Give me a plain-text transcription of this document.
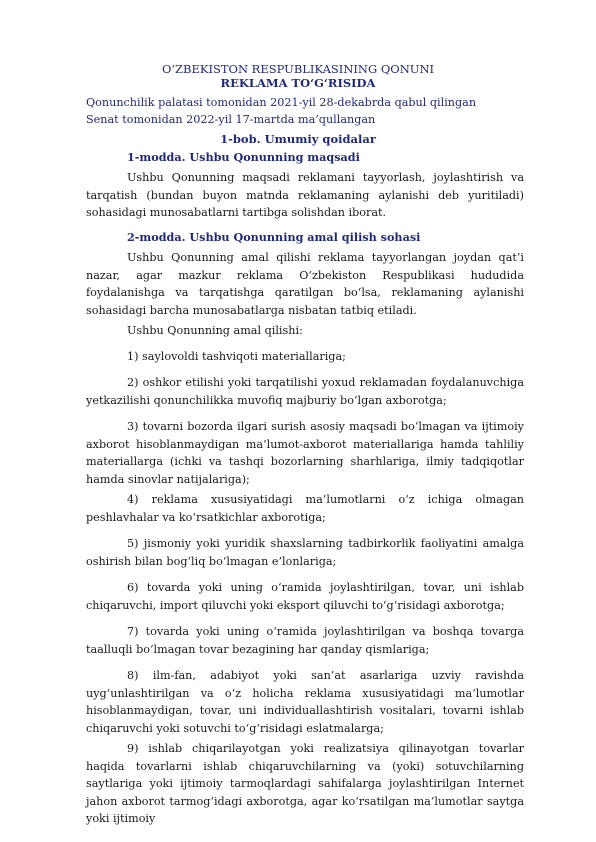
O‘ZBEKISTON RESPUBLIKASINING QONUNI
REKLAMA TO‘G‘RISIDA
Qonunchilik palatasi tomonidan 2021-yil 28-dekabrda qabul qilingan
Senat tomonidan 2022-yil 17-martda ma’qullangan
1-bob. Umumiy qoidalar
1-modda. Ushbu Qonunning maqsadi

Ushbu Qonunning maqsadi reklamani tayyorlash, joylashtirish va tarqatish (bundan buyon matnda reklamaning aylanishi deb yuritiladi) sohasidagi munosabatlarni tartibga solishdan iborat.

2-modda. Ushbu Qonunning amal qilish sohasi

Ushbu Qonunning amal qilishi reklama tayyorlangan joydan qat’i nazar, agar mazkur reklama O‘zbekiston Respublikasi hududida foydalanishga va tarqatishga qaratilgan bo‘lsa, reklamaning aylanishi sohasidagi barcha munosabatlarga nisbatan tatbiq etiladi.

Ushbu Qonunning amal qilishi:

1) saylovoldi tashviqoti materiallariga;

2) oshkor etilishi yoki tarqatilishi yoxud reklamadan foydalanuvchiga yetkazilishi qonunchilikka muvofiq majburiy bo‘lgan axborotga;

3) tovarni bozorda ilgari surish asosiy maqsadi bo‘lmagan va ijtimoiy axborot hisoblanmaydigan ma’lumot-axborot materiallariga hamda tahliliy materiallarga (ichki va tashqi bozorlarning sharhlariga, ilmiy tadqiqotlar hamda sinovlar natijalariga);

4) reklama xususiyatidagi ma’lumotlarni o‘z ichiga olmagan peshlavhalar va ko‘rsatkichlar axborotiga;

5) jismoniy yoki yuridik shaxslarning tadbirkorlik faoliyatini amalga oshirish bilan bog‘liq bo‘lmagan e’lonlariga;

6) tovarda yoki uning o‘ramida joylashtirilgan, tovar, uni ishlab chiqaruvchi, import qiluvchi yoki eksport qiluvchi to‘g‘risidagi axborotga;

7) tovarda yoki uning o‘ramida joylashtirilgan va boshqa tovarga taalluqli bo‘lmagan tovar bezagining har qanday qismlariga;

8) ilm-fan, adabiyot yoki san’at asarlariga uzviy ravishda uyg‘unlashtirilgan va o‘z holicha reklama xususiyatidagi ma’lumotlar hisoblanmaydigan, tovar, uni individuallashtirish vositalari, tovarni ishlab chiqaruvchi yoki sotuvchi to‘g‘risidagi eslatmalarga;

9) ishlab chiqarilayotgan yoki realizatsiya qilinayotgan tovarlar haqida tovarlarni ishlab chiqaruvchilarning va (yoki) sotuvchilarning saytlariga yoki ijtimoiy tarmoqlardagi sahifalarga joylashtirilgan Internet jahon axborot tarmog‘idagi axborotga, agar ko‘rsatilgan ma’lumotlar saytga yoki ijtimoiy
